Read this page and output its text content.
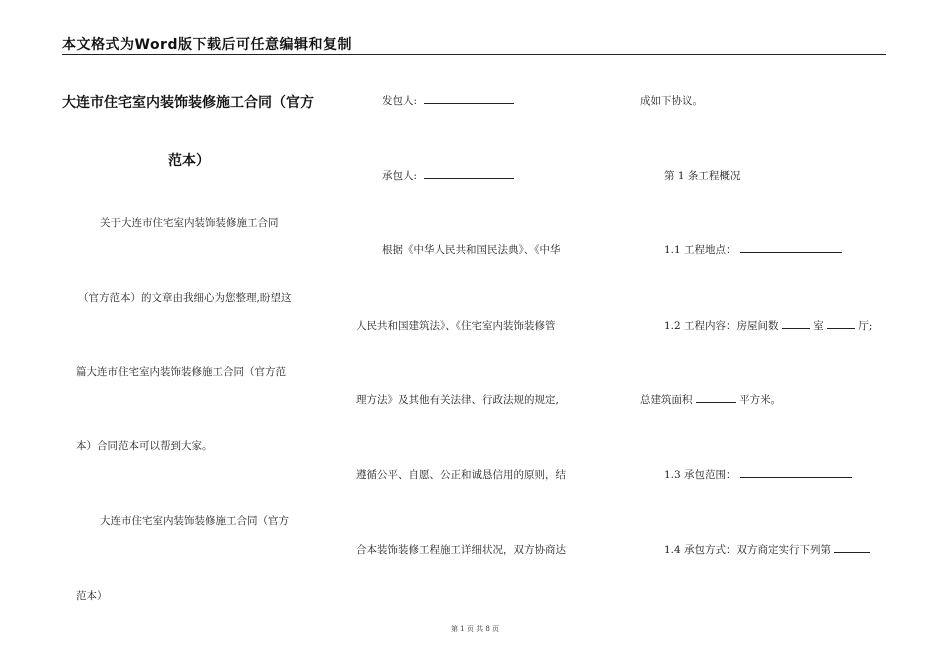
本文格式为Word版下载后可任意编辑和复制
大连市住宅室内装饰装修施工合同（官方
范本）
关于大连市住宅室内装饰装修施工合同
（官方范本）的文章由我细心为您整理,盼望这
篇大连市住宅室内装饰装修施工合同（官方范
本）合同范本可以帮到大家。
大连市住宅室内装饰装修施工合同（官方
范本）
发包人:
承包人:
根据《中华人民共和国民法典》、《中华
人民共和国建筑法》、《住宅室内装饰装修管
理方法》及其他有关法律、行政法规的规定,
遵循公平、自愿、公正和诚恳信用的原则，结
合本装饰装修工程施工详细状况，双方协商达
成如下协议。
第 1 条工程概况
1.1 工程地点：
1.2 工程内容：房屋间数	室	厅;
总建筑面积	平方米。
1.3 承包范围：
1.4 承包方式：双方商定实行下列第
第 1 页 共 8 页
